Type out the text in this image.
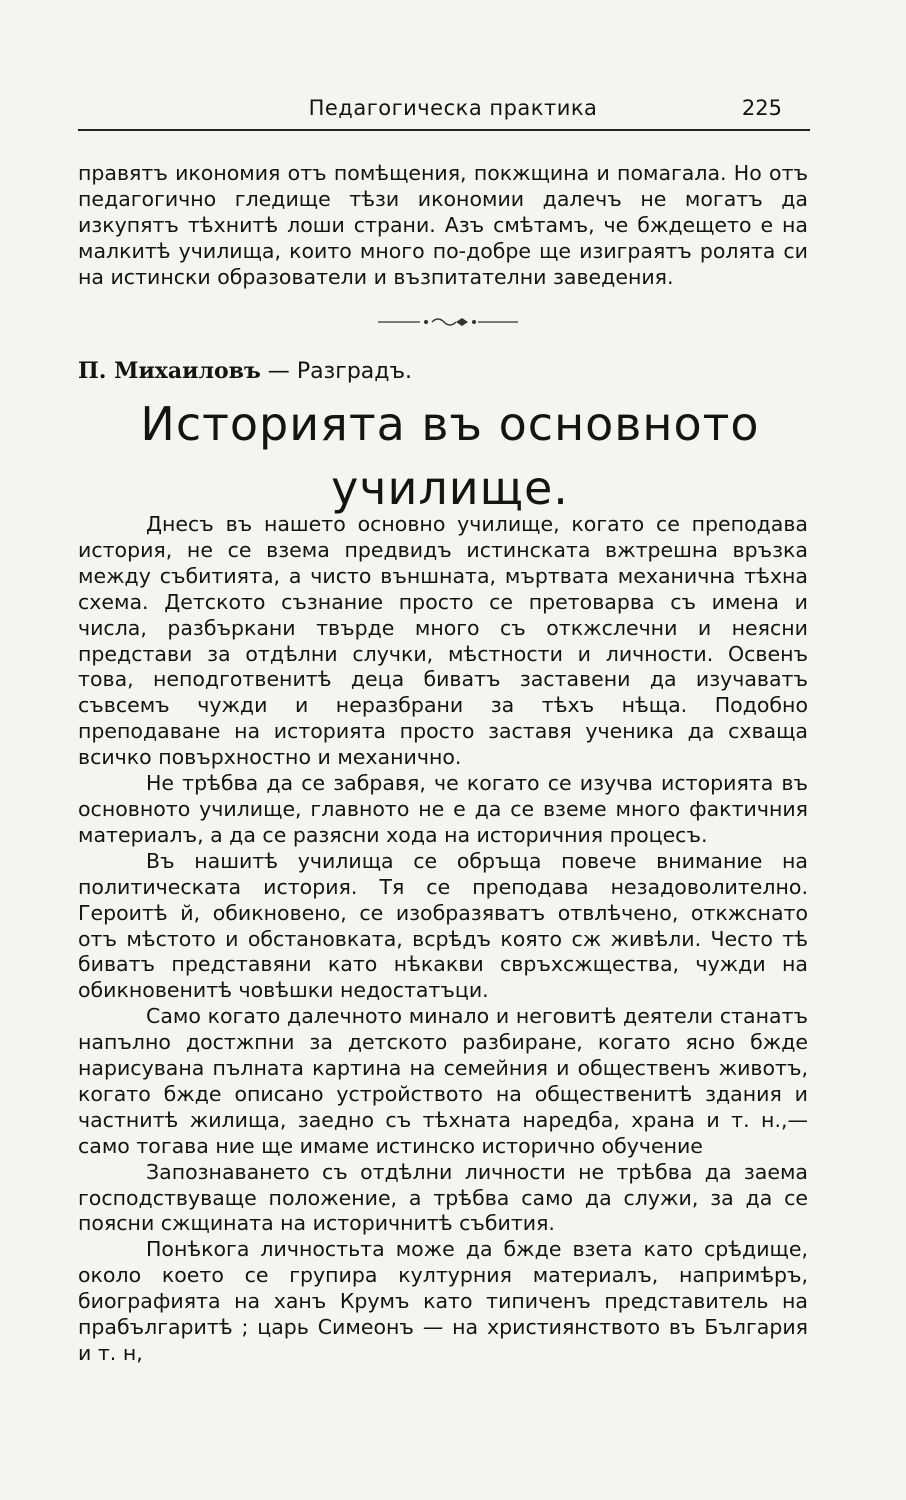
Педагогическа практика	225

правятъ икономия отъ помѣщения, покжщина и помагала. Но отъ педагогично гледище тѣзи икономии далечъ не могатъ да изкупятъ тѣхнитѣ лоши страни. Азъ смѣтамъ, че бждещето е на малкитѣ училища, които много по-добре ще изиграятъ ролята си на истински образователи и възпитателни заведения.

П. Михаиловъ — Разградъ.
Историята въ основното училище.

Днесъ въ нашето основно училище, когато се преподава история, не се взема предвидъ истинската вжтрешна връзка между събитията, а чисто външната, мъртвата механична тѣхна схема. Детското съзнание просто се претоварва съ имена и числа, разбъркани твърде много съ откжслечни и неясни представи за отдѣлни случки, мѣстности и личности. Освенъ това, неподготвенитѣ деца биватъ заставени да изучаватъ съвсемъ чужди и неразбрани за тѣхъ нѣща. Подобно преподаване на историята просто заставя ученика да схваща всичко повърхностно и механично.

Не трѣбва да се забравя, че когато се изучва историята въ основното училище, главното не е да се вземе много фактичния материалъ, а да се разясни хода на историчния процесъ.

Въ нашитѣ училища се обръща повече внимание на политическата история. Тя се преподава незадоволително. Героитѣ й, обикновено, се изобразяватъ отвлѣчено, откжснато отъ мѣстото и обстановката, всрѣдъ която сж живѣли. Често тѣ биватъ представяни като нѣкакви свръхсжщества, чужди на обикновенитѣ човѣшки недостатъци.

Само когато далечното минало и неговитѣ деятели станатъ напълно достжпни за детското разбиране, когато ясно бжде нарисувана пълната картина на семейния и общественъ животъ, когато бжде описано устройството на общественитѣ здания и частнитѣ жилища, заедно съ тѣхната наредба, храна и т. н.,— само тогава ние ще имаме истинско исторично обучение

Запознаването съ отдѣлни личности не трѣбва да заема господствуваще положение, а трѣбва само да служи, за да се поясни сжщината на историчнитѣ събития.

Понѣкога личностьта може да бжде взета като срѣдище, около което се групира културния материалъ, напримѣръ, биографията на ханъ Крумъ като типиченъ представитель на прабългаритѣ ; царь Симеонъ — на християнството въ България и т. н,
